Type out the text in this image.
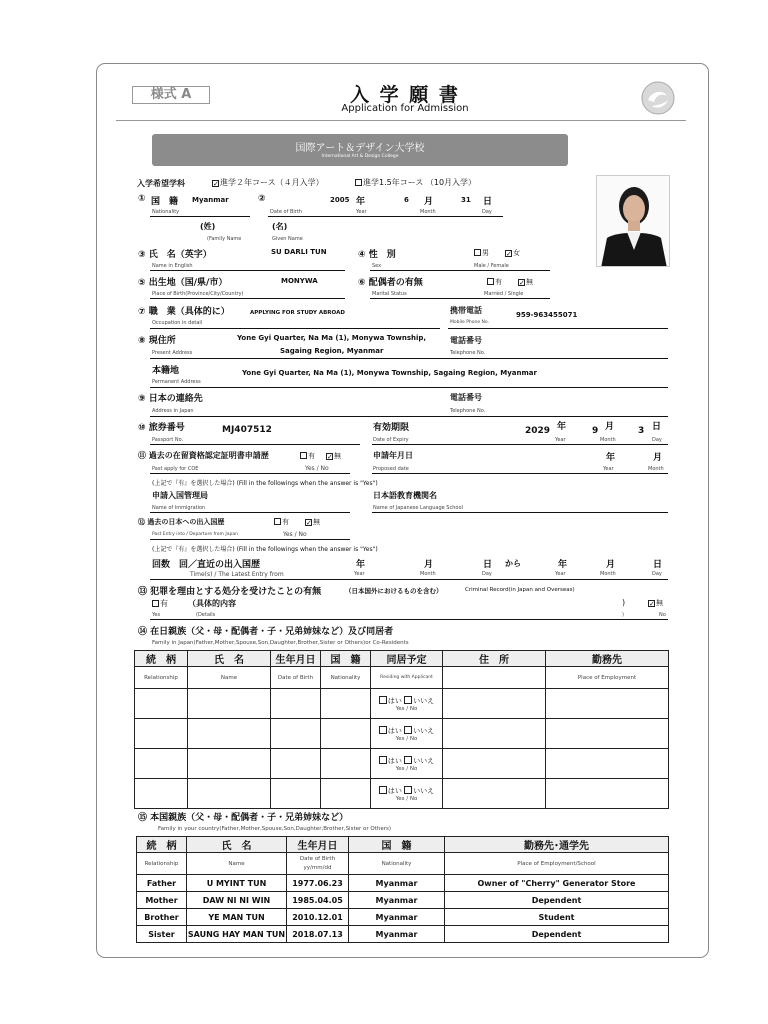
様式 A	入 学 願 書
Application for Admission
国際アート＆デザイン大学校
International Art & Design College
入学希望学科 ✓	進学２年コース（４月入学）	進学1.5年コース （10月入学）
① 国　籍 Myanmar
Nationality
②
Date of Birth
2005 年
Year
6 月
Month
31 日
Day
(姓)
(Family Name
(名)
Given Name
③ 氏　名（英字）	SU DARLI TUN
Name in English
④ 性　別
Sex
男 ✓	女
Male / Female
⑤ 出生地（国/県/市）	MONYWA
Place of Birth(Province/City/Country)
⑥ 配偶者の有無
Marital Status
有 ✓	無
Married / Single
⑦ 職　業（具体的に）	APPLYING FOR STUDY ABROAD
Occupation in detail
携帯電話
Mobile Phone No.
959-963455071
⑧ 現住所	Yone Gyi Quarter, Na Ma (1), Monywa Township,
Sagaing Region, Myanmar
Present Address
電話番号
Telephone No.
本籍地	Yone Gyi Quarter, Na Ma (1), Monywa Township, Sagaing Region, Myanmar
Permanent Address
⑨ 日本の連絡先
Address in Japan
電話番号
Telephone No.
⑩ 旅券番号	MJ407512
Passport No.
有効期限
Date of Expiry
2029 年
Year
9 月
Month
3 日
Day
⑪ 過去の在留資格認定証明書申請歴	有 ✓	無
Past apply for COE	Yes / No
申請年月日
Proposed date
年
Year
月
Month
(上記で『有』を選択した場合) (Fill in the followings when the answer is "Yes")
申請入国管理局
Name of Immigration
日本語教育機関名
Name of Japanese Language School
⑫ 過去の日本への出入国歴	有 ✓	無
Past Entry into / Departure from Japan	Yes / No
(上記で『有』を選択した場合) (Fill in the followings when the answer is "Yes")
回数　回／直近の出入国歴
Time(s) / The Latest Entry from
年
Year
月
Month
日
Day
から	年
Year
月
Month
日
Day
⑬ 犯罪を理由とする処分を受けたことの有無	（日本国外におけるものを含む）	Criminal Record(in Japan and Overseas)
有	（具体的内容
Yes	(Details
)
)
✓無
No
⑭ 在日親族（父・母・配偶者・子・兄弟姉妹など）及び同居者
Family in Japan(Father,Mother,Spouse,Son,Daughter,Brother,Sister or Others)or Co-Residents
続　柄	氏　名	生年月日	国　籍	同居予定	住　所	勤務先
Relationship	Name	Date of Birth	Nationality	Residing with Applicant		Place of Employment
				はい いいえ
Yes / No		

				はい いいえ
Yes / No		

				はい いいえ
Yes / No		

				はい いいえ
Yes / No		

⑮ 本国親族（父・母・配偶者・子・兄弟姉妹など）
Family in your country(Father,Mother,Spouse,Son,Daughter,Brother,Sister or Others)
続　柄	氏　名	生年月日	国　籍	勤務先･通学先
Relationship	Name	Date of Birth yy/mm/dd	Nationality	Place of Employment/School
Father	U MYINT TUN	1977.06.23	Myanmar	Owner of "Cherry" Generator Store
Mother	DAW NI NI WIN	1985.04.05	Myanmar	Dependent
Brother	YE MAN TUN	2010.12.01	Myanmar	Student
Sister	SAUNG HAY MAN TUN	2018.07.13	Myanmar	Dependent
